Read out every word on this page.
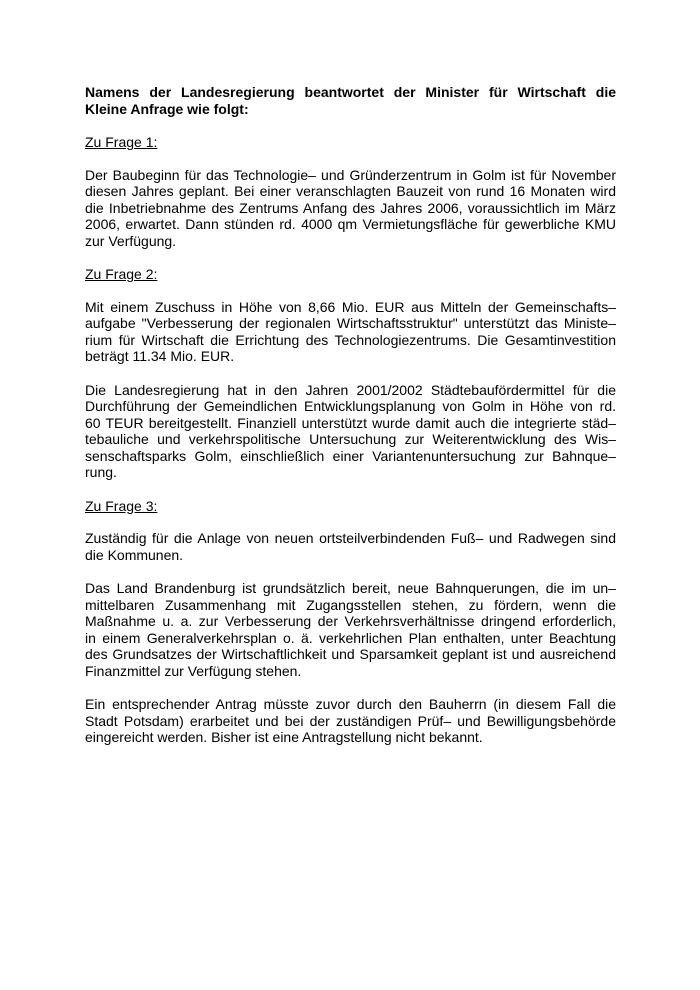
Namens der Landesregierung beantwortet der Minister für Wirtschaft die
Kleine Anfrage wie folgt:
Zu Frage 1:
Der Baubeginn für das Technologie– und Gründerzentrum in Golm ist für November
diesen Jahres geplant. Bei einer veranschlagten Bauzeit von rund 16 Monaten wird
die Inbetriebnahme des Zentrums Anfang des Jahres 2006, voraussichtlich im März
2006, erwartet. Dann stünden rd. 4000 qm Vermietungsfläche für gewerbliche KMU
zur Verfügung.
Zu Frage 2:
Mit einem Zuschuss in Höhe von 8,66 Mio. EUR aus Mitteln der Gemeinschafts–
aufgabe "Verbesserung der regionalen Wirtschaftsstruktur" unterstützt das Ministe–
rium für Wirtschaft die Errichtung des Technologiezentrums. Die Gesamtinvestition
beträgt 11.34 Mio. EUR.
Die Landesregierung hat in den Jahren 2001/2002 Städtebaufördermittel für die
Durchführung der Gemeindlichen Entwicklungsplanung von Golm in Höhe von rd.
60 TEUR bereitgestellt. Finanziell unterstützt wurde damit auch die integrierte städ–
tebauliche und verkehrspolitische Untersuchung zur Weiterentwicklung des Wis–
senschaftsparks Golm, einschließlich einer Variantenuntersuchung zur Bahnque–
rung.
Zu Frage 3:
Zuständig für die Anlage von neuen ortsteilverbindenden Fuß– und Radwegen sind
die Kommunen.
Das Land Brandenburg ist grundsätzlich bereit, neue Bahnquerungen, die im un–
mittelbaren Zusammenhang mit Zugangsstellen stehen, zu fördern, wenn die
Maßnahme u. a. zur Verbesserung der Verkehrsverhältnisse dringend erforderlich,
in einem Generalverkehrsplan o. ä. verkehrlichen Plan enthalten, unter Beachtung
des Grundsatzes der Wirtschaftlichkeit und Sparsamkeit geplant ist und ausreichend
Finanzmittel zur Verfügung stehen.
Ein entsprechender Antrag müsste zuvor durch den Bauherrn (in diesem Fall die
Stadt Potsdam) erarbeitet und bei der zuständigen Prüf– und Bewilligungsbehörde
eingereicht werden. Bisher ist eine Antragstellung nicht bekannt.
